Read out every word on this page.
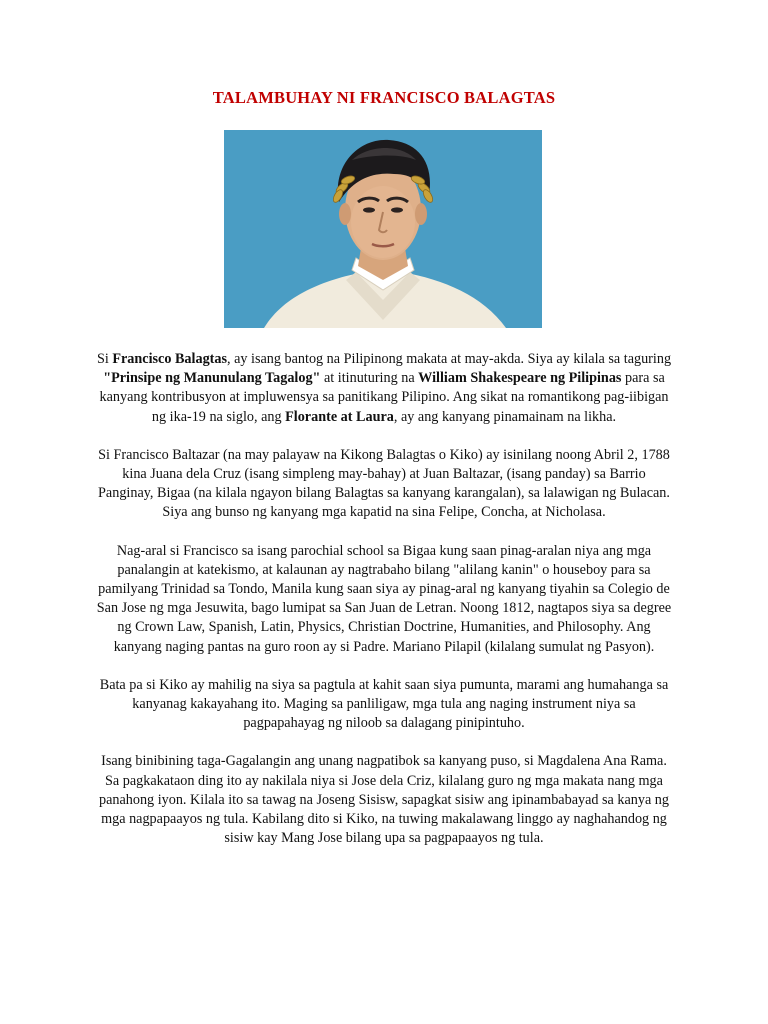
TALAMBUHAY NI FRANCISCO BALAGTAS

Si Francisco Balagtas, ay isang bantog na Pilipinong makata at may-akda. Siya ay kilala sa taguring "Prinsipe ng Manunulang Tagalog" at itinuturing na William Shakespeare ng Pilipinas para sa kanyang kontribusyon at impluwensya sa panitikang Pilipino. Ang sikat na romantikong pag-iibigan ng ika-19 na siglo, ang Florante at Laura, ay ang kanyang pinamainam na likha.

Si Francisco Baltazar (na may palayaw na Kikong Balagtas o Kiko) ay isinilang noong Abril 2, 1788 kina Juana dela Cruz (isang simpleng may-bahay) at Juan Baltazar, (isang panday) sa Barrio Panginay, Bigaa (na kilala ngayon bilang Balagtas sa kanyang karangalan), sa lalawigan ng Bulacan. Siya ang bunso ng kanyang mga kapatid na sina Felipe, Concha, at Nicholasa.

Nag-aral si Francisco sa isang parochial school sa Bigaa kung saan pinag-aralan niya ang mga panalangin at katekismo, at kalaunan ay nagtrabaho bilang "alilang kanin" o houseboy para sa pamilyang Trinidad sa Tondo, Manila kung saan siya ay pinag-aral ng kanyang tiyahin sa Colegio de San Jose ng mga Jesuwita, bago lumipat sa San Juan de Letran. Noong 1812, nagtapos siya sa degree ng Crown Law, Spanish, Latin, Physics, Christian Doctrine, Humanities, and Philosophy. Ang kanyang naging pantas na guro roon ay si Padre. Mariano Pilapil (kilalang sumulat ng Pasyon).

Bata pa si Kiko ay mahilig na siya sa pagtula at kahit saan siya pumunta, marami ang humahanga sa kanyanag kakayahang ito. Maging sa panliligaw, mga tula ang naging instrument niya sa pagpapahayag ng niloob sa dalagang pinipintuho.

Isang binibining taga-Gagalangin ang unang nagpatibok sa kanyang puso, si Magdalena Ana Rama. Sa pagkakataon ding ito ay nakilala niya si Jose dela Criz, kilalang guro ng mga makata nang mga panahong iyon. Kilala ito sa tawag na Joseng Sisisw, sapagkat sisiw ang ipinambabayad sa kanya ng mga nagpapaayos ng tula. Kabilang dito si Kiko, na tuwing makalawang linggo ay naghahandog ng sisiw kay Mang Jose bilang upa sa pagpapaayos ng tula.
